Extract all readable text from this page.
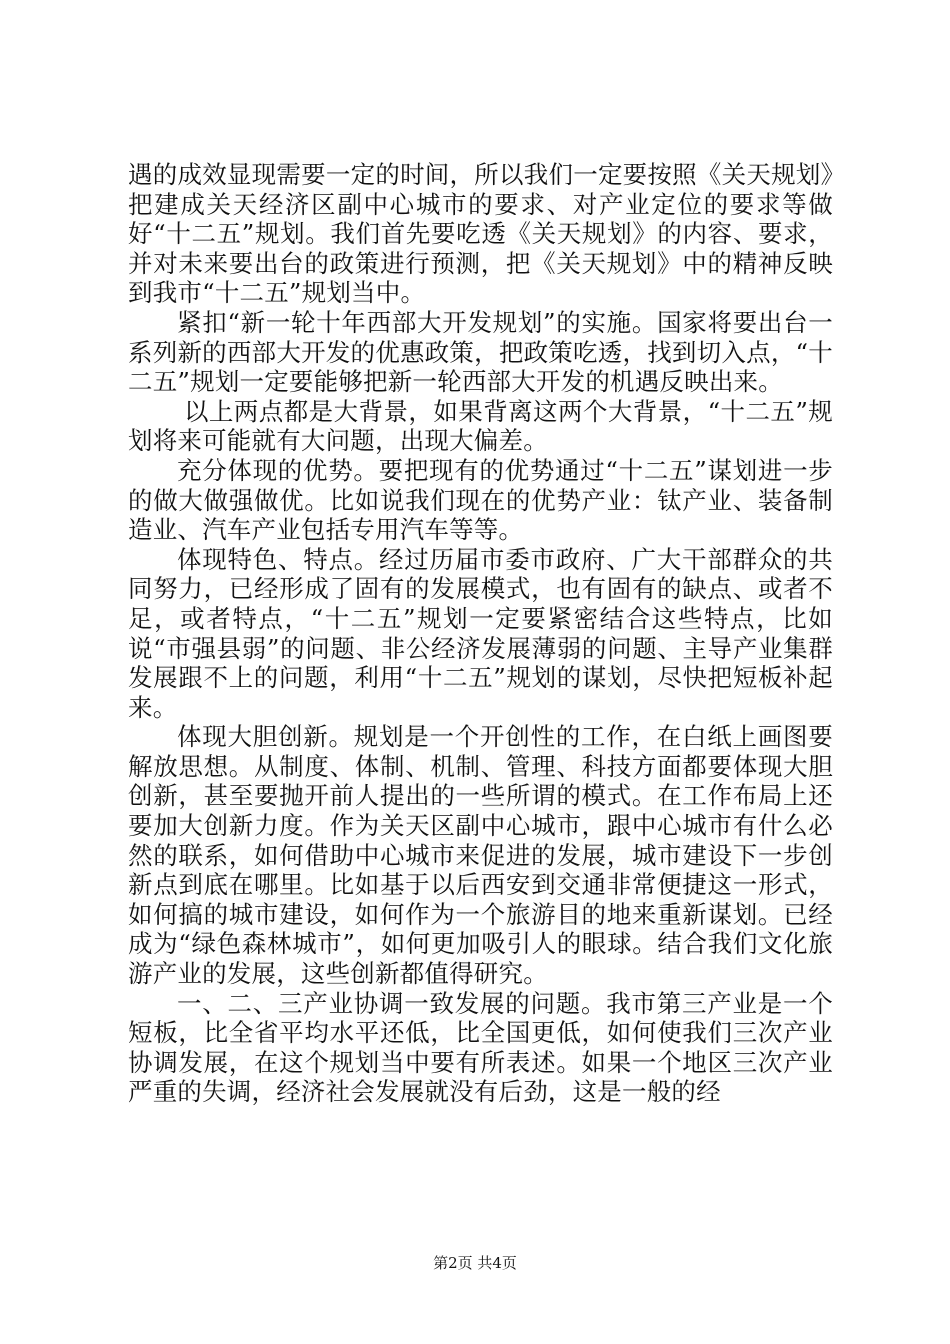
遇的成效显现需要一定的时间，所以我们一定要按照《关天规划》把建成关天经济区副中心城市的要求、对产业定位的要求等做好“十二五”规划。我们首先要吃透《关天规划》的内容、要求，并对未来要出台的政策进行预测，把《关天规划》中的精神反映到我市“十二五”规划当中。

紧扣“新一轮十年西部大开发规划”的实施。国家将要出台一系列新的西部大开发的优惠政策，把政策吃透，找到切入点，“十二五”规划一定要能够把新一轮西部大开发的机遇反映出来。

以上两点都是大背景，如果背离这两个大背景，“十二五”规划将来可能就有大问题，出现大偏差。

充分体现的优势。要把现有的优势通过“十二五”谋划进一步的做大做强做优。比如说我们现在的优势产业：钛产业、装备制造业、汽车产业包括专用汽车等等。

体现特色、特点。经过历届市委市政府、广大干部群众的共同努力，已经形成了固有的发展模式，也有固有的缺点、或者不足，或者特点，“十二五”规划一定要紧密结合这些特点，比如说“市强县弱”的问题、非公经济发展薄弱的问题、主导产业集群发展跟不上的问题，利用“十二五”规划的谋划，尽快把短板补起来。

体现大胆创新。规划是一个开创性的工作，在白纸上画图要解放思想。从制度、体制、机制、管理、科技方面都要体现大胆创新，甚至要抛开前人提出的一些所谓的模式。在工作布局上还要加大创新力度。作为关天区副中心城市，跟中心城市有什么必然的联系，如何借助中心城市来促进的发展，城市建设下一步创新点到底在哪里。比如基于以后西安到交通非常便捷这一形式，如何搞的城市建设，如何作为一个旅游目的地来重新谋划。已经成为“绿色森林城市”，如何更加吸引人的眼球。结合我们文化旅游产业的发展，这些创新都值得研究。

一、二、三产业协调一致发展的问题。我市第三产业是一个短板，比全省平均水平还低，比全国更低，如何使我们三次产业协调发展，在这个规划当中要有所表述。如果一个地区三次产业严重的失调，经济社会发展就没有后劲，这是一般的经

第2页 共4页
